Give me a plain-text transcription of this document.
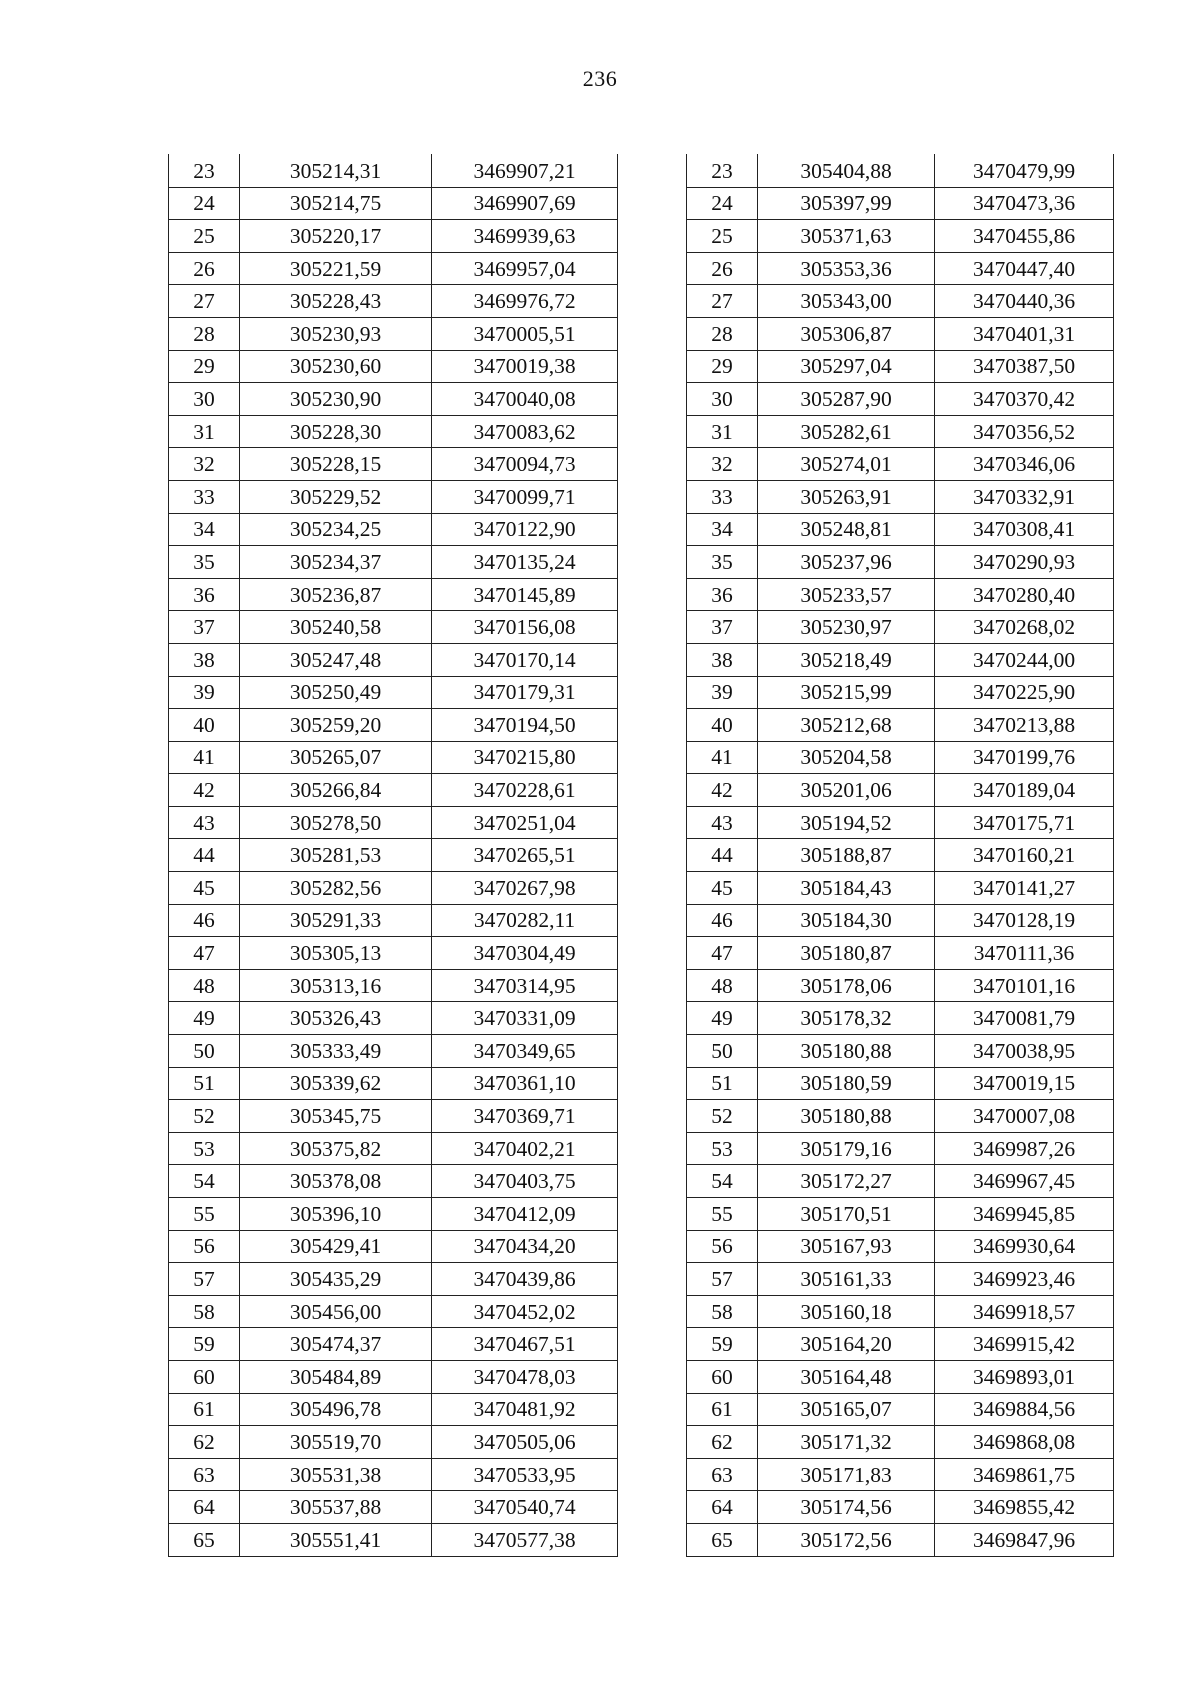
236
23	305214,31	3469907,21
24	305214,75	3469907,69
25	305220,17	3469939,63
26	305221,59	3469957,04
27	305228,43	3469976,72
28	305230,93	3470005,51
29	305230,60	3470019,38
30	305230,90	3470040,08
31	305228,30	3470083,62
32	305228,15	3470094,73
33	305229,52	3470099,71
34	305234,25	3470122,90
35	305234,37	3470135,24
36	305236,87	3470145,89
37	305240,58	3470156,08
38	305247,48	3470170,14
39	305250,49	3470179,31
40	305259,20	3470194,50
41	305265,07	3470215,80
42	305266,84	3470228,61
43	305278,50	3470251,04
44	305281,53	3470265,51
45	305282,56	3470267,98
46	305291,33	3470282,11
47	305305,13	3470304,49
48	305313,16	3470314,95
49	305326,43	3470331,09
50	305333,49	3470349,65
51	305339,62	3470361,10
52	305345,75	3470369,71
53	305375,82	3470402,21
54	305378,08	3470403,75
55	305396,10	3470412,09
56	305429,41	3470434,20
57	305435,29	3470439,86
58	305456,00	3470452,02
59	305474,37	3470467,51
60	305484,89	3470478,03
61	305496,78	3470481,92
62	305519,70	3470505,06
63	305531,38	3470533,95
64	305537,88	3470540,74
65	305551,41	3470577,38
23	305404,88	3470479,99
24	305397,99	3470473,36
25	305371,63	3470455,86
26	305353,36	3470447,40
27	305343,00	3470440,36
28	305306,87	3470401,31
29	305297,04	3470387,50
30	305287,90	3470370,42
31	305282,61	3470356,52
32	305274,01	3470346,06
33	305263,91	3470332,91
34	305248,81	3470308,41
35	305237,96	3470290,93
36	305233,57	3470280,40
37	305230,97	3470268,02
38	305218,49	3470244,00
39	305215,99	3470225,90
40	305212,68	3470213,88
41	305204,58	3470199,76
42	305201,06	3470189,04
43	305194,52	3470175,71
44	305188,87	3470160,21
45	305184,43	3470141,27
46	305184,30	3470128,19
47	305180,87	3470111,36
48	305178,06	3470101,16
49	305178,32	3470081,79
50	305180,88	3470038,95
51	305180,59	3470019,15
52	305180,88	3470007,08
53	305179,16	3469987,26
54	305172,27	3469967,45
55	305170,51	3469945,85
56	305167,93	3469930,64
57	305161,33	3469923,46
58	305160,18	3469918,57
59	305164,20	3469915,42
60	305164,48	3469893,01
61	305165,07	3469884,56
62	305171,32	3469868,08
63	305171,83	3469861,75
64	305174,56	3469855,42
65	305172,56	3469847,96
